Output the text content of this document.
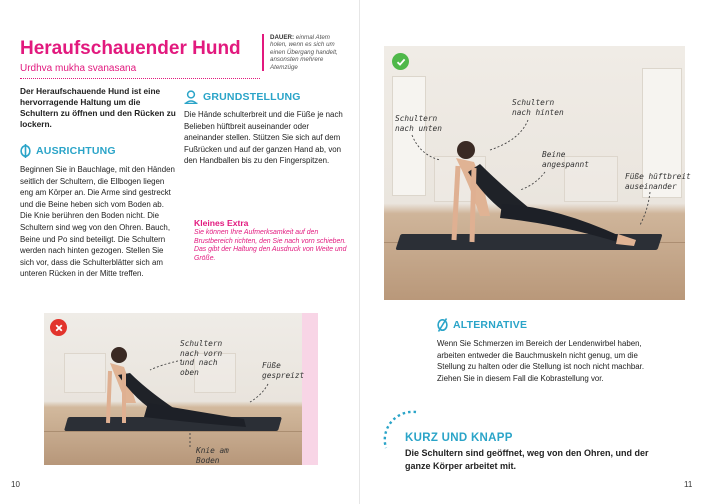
Heraufschauender Hund
Urdhva mukha svanasana
DAUER: einmal Atem holen, wenn es sich um einen Übergang handelt, ansonsten mehrere Atemzüge

Der Heraufschauende Hund ist eine hervorragende Haltung um die Schultern zu öffnen und den Rücken zu lockern.

AUSRICHTUNG

Beginnen Sie in Bauchlage, mit den Händen seitlich der Schultern, die Ellbogen liegen eng am Körper an. Die Arme sind gestreckt und die Beine heben sich vom Boden ab. Die Knie berühren den Boden nicht. Die Schultern sind weg von den Ohren. Bauch, Beine und Po sind beteiligt. Die Schultern werden nach hinten gezogen. Stellen Sie sich vor, dass die Schulterblätter sich am unteren Rücken in der Mitte treffen.

GRUNDSTELLUNG

Die Hände schulterbreit und die Füße je nach Belieben hüftbreit auseinander oder aneinander stellen. Stützen Sie sich auf dem Fußrücken und auf der ganzen Hand ab, von den Handballen bis zu den Fingerspitzen.

Kleines Extra
Sie können Ihre Aufmerksamkeit auf den Brustbereich richten, den Sie nach vorn schieben. Das gibt der Haltung den Ausdruck von Weite und Größe.
Schultern
nach unten
Schultern
nach hinten
Beine
angespannt
Füße hüftbreit
auseinander
Schultern
nach vorn
und nach
oben
Füße
gespreizt
Knie am
Boden
ALTERNATIVE

Wenn Sie Schmerzen im Bereich der Lendenwirbel haben, arbeiten entweder die Bauchmuskeln nicht genug, um die Stellung zu halten oder die Stellung ist noch nicht machbar. Ziehen Sie in diesem Fall die Kobrastellung vor.

KURZ UND KNAPP

Die Schultern sind geöffnet, weg von den Ohren, und der ganze Körper arbeitet mit.

10	11
